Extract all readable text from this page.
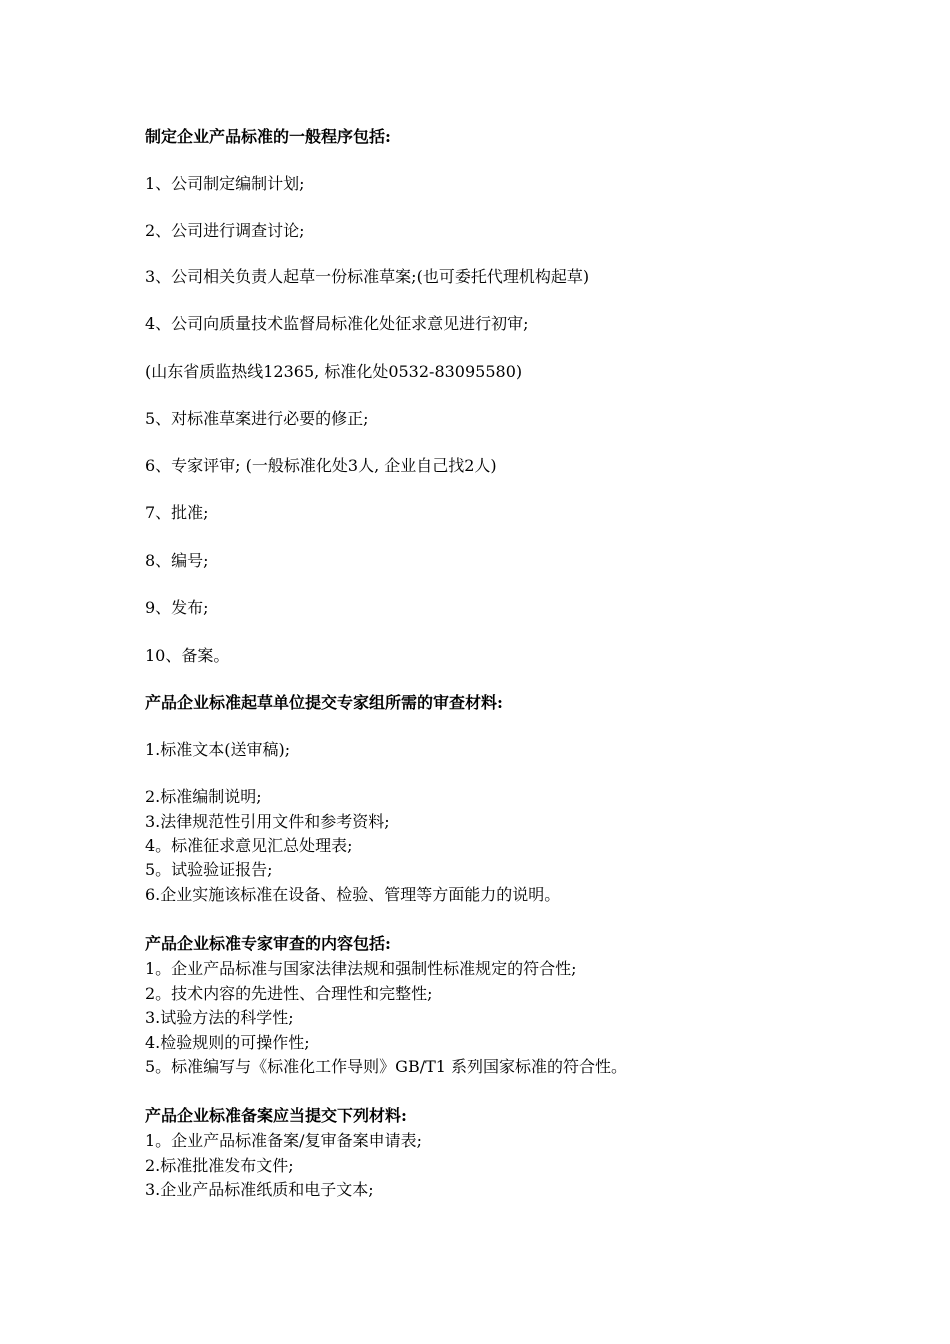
制定企业产品标准的一般程序包括:
1、公司制定编制计划;
2、公司进行调查讨论;
3、公司相关负责人起草一份标准草案;(也可委托代理机构起草)
4、公司向质量技术监督局标准化处征求意见进行初审;
(山东省质监热线12365, 标准化处0532-83095580)
5、对标准草案进行必要的修正;
6、专家评审; (一般标准化处3人, 企业自己找2人)
7、批准;
8、编号;
9、发布;
10、备案。
产品企业标准起草单位提交专家组所需的审查材料:
1.标准文本(送审稿);
2.标准编制说明;
3.法律规范性引用文件和参考资料;
4。标准征求意见汇总处理表;
5。试验验证报告;
6.企业实施该标准在设备、检验、管理等方面能力的说明。
产品企业标准专家审查的内容包括:
1。企业产品标准与国家法律法规和强制性标准规定的符合性;
2。技术内容的先进性、合理性和完整性;
3.试验方法的科学性;
4.检验规则的可操作性;
5。标准编写与《标准化工作导则》GB/T1 系列国家标准的符合性。
产品企业标准备案应当提交下列材料:
1。企业产品标准备案/复审备案申请表;
2.标准批准发布文件;
3.企业产品标准纸质和电子文本;
